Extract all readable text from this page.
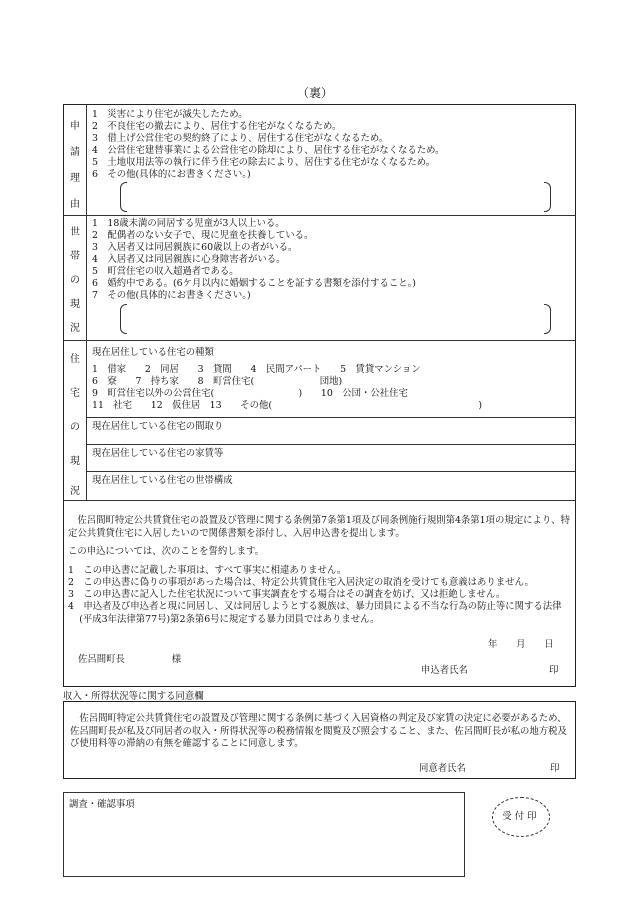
（裏）
申
請
理
由
1　 災害により住宅が滅失したため。
2　 不良住宅の撤去により、居住する住宅がなくなるため。
3　 借上げ公営住宅の契約終了により、居住する住宅がなくなるため。
4　 公営住宅建替事業による公営住宅の除却により、居住する住宅がなくなるため。
5　 土地収用法等の執行に伴う住宅の除去により、居住する住宅がなくなるため。
6　 その他(具体的にお書きください。)
世
帯
の
現
況
1　 18歳未満の同居する児童が3人以上いる。
2　 配偶者のない女子で、現に児童を扶養している。
3　 入居者又は同居親族に60歳以上の者がいる。
4　 入居者又は同居親族に心身障害者がいる。
5　 町営住宅の収入超過者である。
6　 婚約中である。(6ケ月以内に婚姻することを証する書類を添付すること。)
7　 その他(具体的にお書きください。)
住
宅
の
現
況
現在居住している住宅の種類
1　借家　　2　同居　　3　貸間　　4　民間アパート　　5　賃貸マンション
6　寮　　7　持ち家　　8　町営住宅(　　　　　　　団地)
9　町営住宅以外の公営住宅(　　　　　　　　　)　　10　公団・公社住宅
11　社宅　　12　仮住居　13　　その他(　　　　　　　　　　　　　　　　　　　　　　)
現在居住している住宅の間取り
現在居住している住宅の家賃等
現在居住している住宅の世帯構成
佐呂間町特定公共賃貸住宅の設置及び管理に関する条例第7条第1項及び同条例施行規則第4条第1項の規定により、特定公共賃貸住宅に入居したいので関係書類を添付し、入居申込書を提出します。
この申込については、次のことを誓約します。
1　 この申込書に記載した事項は、すべて事実に相違ありません。
2　 この申込書に偽りの事項があった場合は、特定公共賃貸住宅入居決定の取消を受けても意義はありません。
3　 この申込書に記入した住宅状況について事実調査をする場合はその調査を妨げ、又は拒絶しません。
4　 申込者及び申込者と現に同居し、又は同居しようとする親族は、暴力団員による不当な行為の防止等に関する法律(平成3年法律第77号)第2条第6号に規定する暴力団員ではありません。
年　　月　　日
佐呂間町長　　　　　様
申込者氏名	印
収入・所得状況等に関する同意欄
佐呂間町特定公共賃貸住宅の設置及び管理に関する条例に基づく入居資格の判定及び家賃の決定に必要があるため、佐呂間町長が私及び同居者の収入・所得状況等の税務情報を閲覧及び照会すること、また、佐呂間町長が私の地方税及び使用料等の滞納の有無を確認することに同意します。
同意者氏名	印
調査・確認事項
受付印
